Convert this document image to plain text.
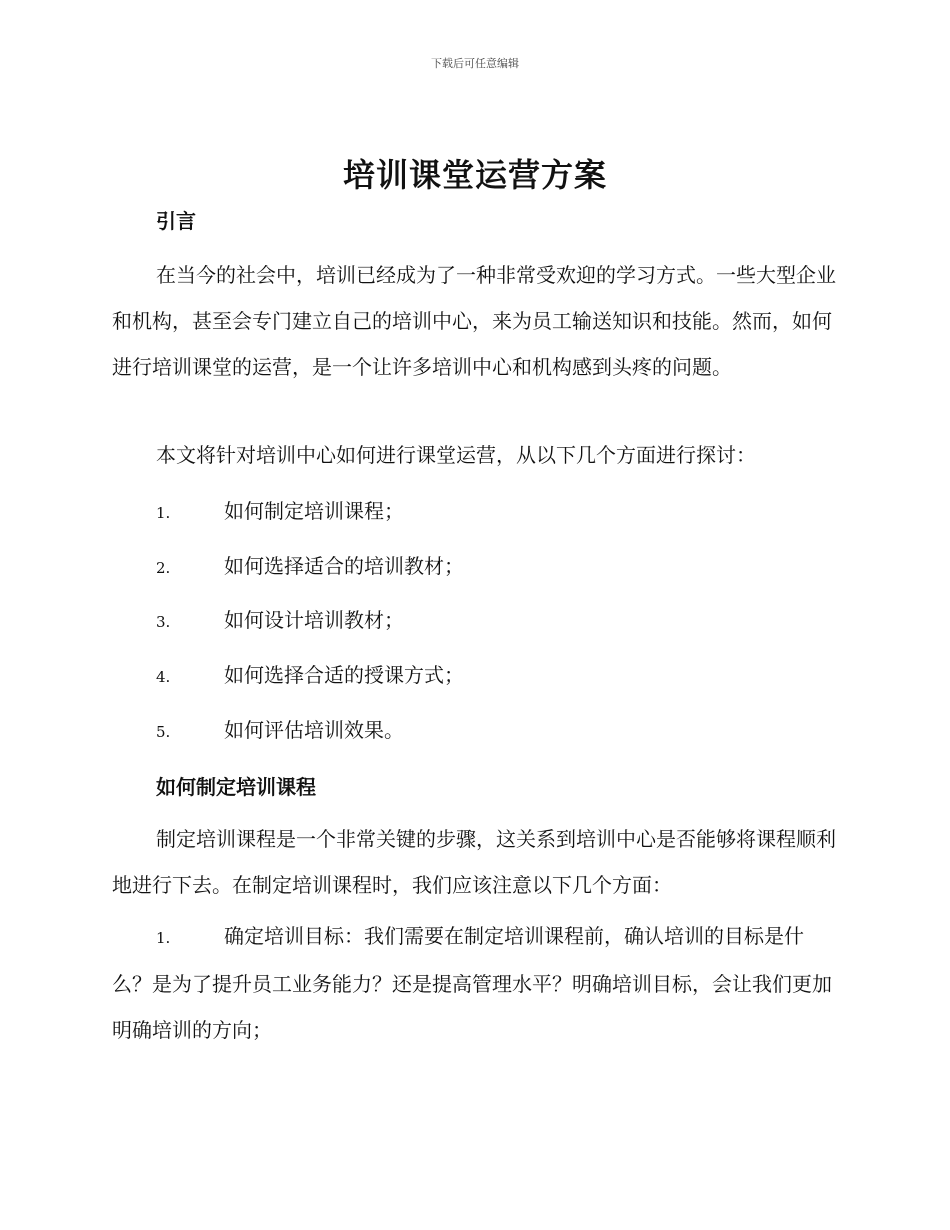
下载后可任意编辑
培训课堂运营方案
引言
在当今的社会中，培训已经成为了一种非常受欢迎的学习方式。一些大型企业和机构，甚至会专门建立自己的培训中心，来为员工输送知识和技能。然而，如何进行培训课堂的运营，是一个让许多培训中心和机构感到头疼的问题。
本文将针对培训中心如何进行课堂运营，从以下几个方面进行探讨：
1.	如何制定培训课程；
2.	如何选择适合的培训教材；
3.	如何设计培训教材；
4.	如何选择合适的授课方式；
5.	如何评估培训效果。
如何制定培训课程
制定培训课程是一个非常关键的步骤，这关系到培训中心是否能够将课程顺利地进行下去。在制定培训课程时，我们应该注意以下几个方面：
1.	确定培训目标：我们需要在制定培训课程前，确认培训的目标是什么？是为了提升员工业务能力？还是提高管理水平？明确培训目标，会让我们更加明确培训的方向；
